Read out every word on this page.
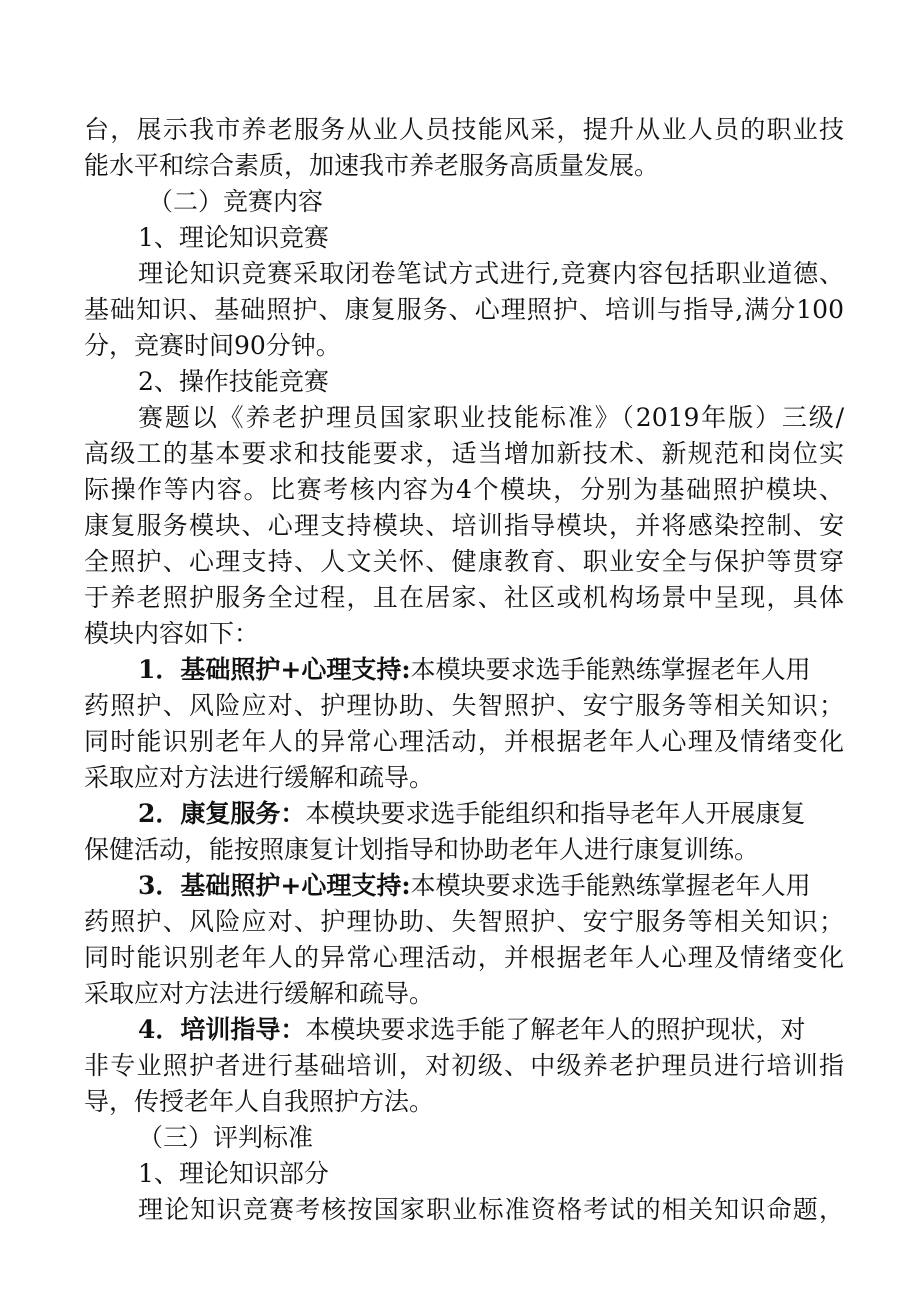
台，展示我市养老服务从业人员技能风采，提升从业人员的职业技
能水平和综合素质，加速我市养老服务高质量发展。
（二）竞赛内容
1、理论知识竞赛
理论知识竞赛采取闭卷笔试方式进行,竞赛内容包括职业道德、
基础知识、基础照护、康复服务、心理照护、培训与指导,满分100
分，竞赛时间90分钟。
2、操作技能竞赛
赛题以《养老护理员国家职业技能标准》（2019年版）三级/
高级工的基本要求和技能要求，适当增加新技术、新规范和岗位实
际操作等内容。比赛考核内容为4个模块，分别为基础照护模块、
康复服务模块、心理支持模块、培训指导模块，并将感染控制、安
全照护、心理支持、人文关怀、健康教育、职业安全与保护等贯穿
于养老照护服务全过程，且在居家、社区或机构场景中呈现，具体
模块内容如下：
1．基础照护+心理支持:本模块要求选手能熟练掌握老年人用
药照护、风险应对、护理协助、失智照护、安宁服务等相关知识；
同时能识别老年人的异常心理活动，并根据老年人心理及情绪变化
采取应对方法进行缓解和疏导。
2．康复服务：本模块要求选手能组织和指导老年人开展康复
保健活动，能按照康复计划指导和协助老年人进行康复训练。
3．基础照护+心理支持:本模块要求选手能熟练掌握老年人用
药照护、风险应对、护理协助、失智照护、安宁服务等相关知识；
同时能识别老年人的异常心理活动，并根据老年人心理及情绪变化
采取应对方法进行缓解和疏导。
4．培训指导：本模块要求选手能了解老年人的照护现状，对
非专业照护者进行基础培训，对初级、中级养老护理员进行培训指
导，传授老年人自我照护方法。
（三）评判标准
1、理论知识部分
理论知识竞赛考核按国家职业标准资格考试的相关知识命题，
